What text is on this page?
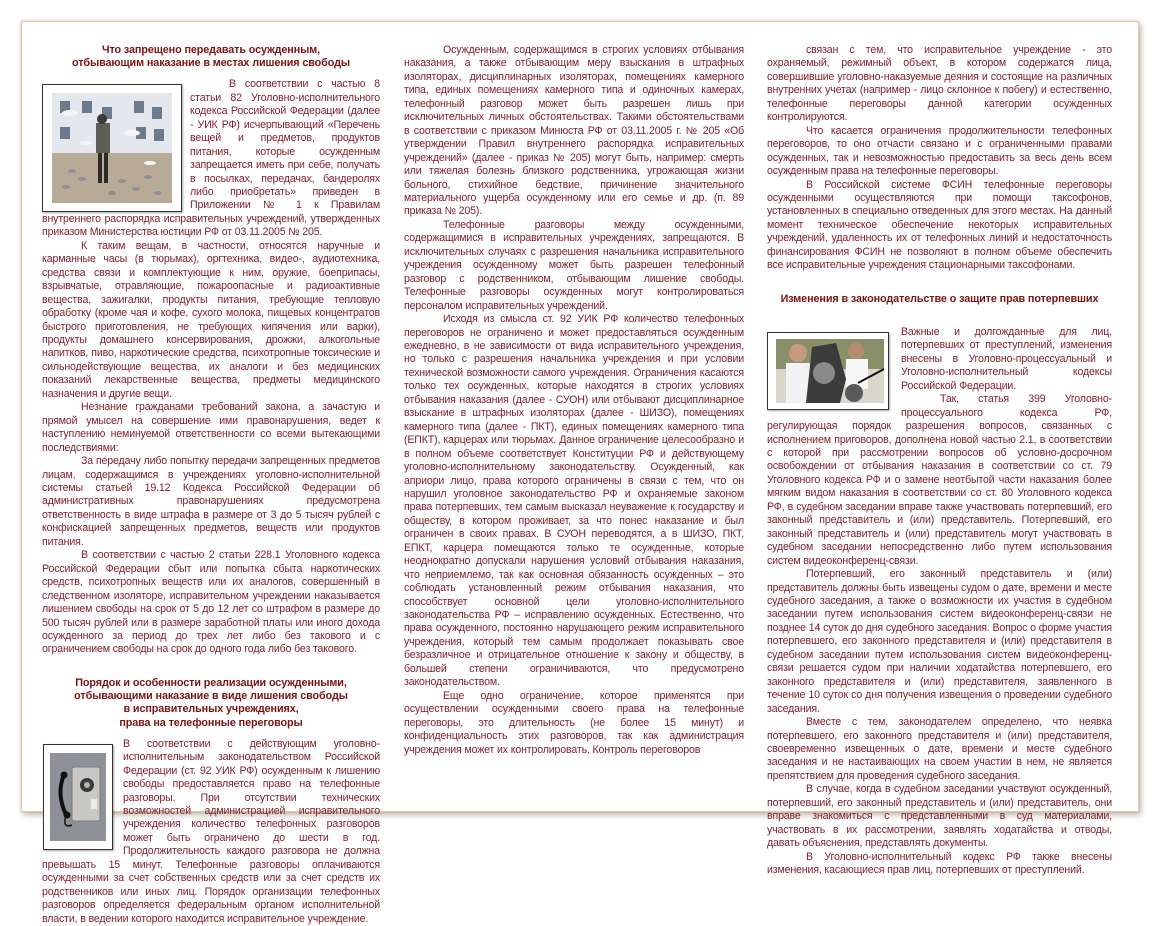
Что запрещено передавать осужденным,
отбывающим наказание в местах лишения свободы

В соответствии с частью 8 статьи 82 Уголовно-исполнительного кодекса Российской Федерации (далее - УИК РФ) исчерпывающий «Перечень вещей и предметов, продуктов питания, которые осужденным запрещается иметь при себе, получать в посылках, передачах, бандеролях либо приобретать» приведен в Приложении № 1 к Правилам внутреннего распорядка исправительных учреждений, утвержденных приказом Министерства юстиции РФ от 03.11.2005 № 205.

К таким вещам, в частности, относятся наручные и карманные часы (в тюрьмах), оргтехника, видео-, аудиотехника, средства связи и комплектующие к ним, оружие, боеприпасы, взрывчатые, отравляющие, пожароопасные и радиоактивные вещества, зажигалки, продукты питания, требующие тепловую обработку (кроме чая и кофе, сухого молока, пищевых концентратов быстрого приготовления, не требующих кипячения или варки), продукты домашнего консервирования, дрожжи, алкогольные напитков, пиво, наркотические средства, психотропные токсические и сильнодействующие вещества, их аналоги и без медицинских показаний лекарственные вещества, предметы медицинского назначения и другие вещи.

Незнание гражданами требований закона, а зачастую и прямой умысел на совершение ими правонарушения, ведет к наступлению неминуемой ответственности со всеми вытекающими последствиями:

За передачу либо попытку передачи запрещенных предметов лицам, содержащимся в учреждениях уголовно-исполнительной системы статьей 19.12 Кодекса Российской Федерации об административных правонарушениях предусмотрена ответственность в виде штрафа в размере от 3 до 5 тысяч рублей с конфискацией запрещенных предметов, веществ или продуктов питания.

В соответствии с частью 2 статьи 228.1 Уголовного кодекса Российской Федерации сбыт или попытка сбыта наркотических средств, психотропных веществ или их аналогов, совершенный в следственном изоляторе, исправительном учреждении наказывается лишением свободы на срок от 5 до 12 лет со штрафом в размере до 500 тысяч рублей или в размере заработной платы или иного дохода осужденного за период до трех лет либо без такового и с ограничением свободы на срок до одного года либо без такового.

Порядок и особенности реализации осужденными,
отбывающими наказание в виде лишения свободы
в исправительных учреждениях,
права на телефонные переговоры

В соответствии с действующим уголовно-исполнительным законодательством Российской Федерации (ст. 92 УИК РФ) осужденным к лишению свободы предоставляется право на телефонные разговоры. При отсутствии технических возможностей администрацией исправительного учреждения количество телефонных разговоров может быть ограничено до шести в год. Продолжительность каждого разговора не должна превышать 15 минут. Телефонные разговоры оплачиваются осужденными за счет собственных средств или за счет средств их родственников или иных лиц. Порядок организации телефонных разговоров определяется федеральным органом исполнительной власти, в ведении которого находится исправительное учреждение.

Осужденным, содержащимся в строгих условиях отбывания наказания, а также отбывающим меру взыскания в штрафных изоляторах, дисциплинарных изоляторах, помещениях камерного типа, единых помещениях камерного типа и одиночных камерах, телефонный разговор может быть разрешен лишь при исключительных личных обстоятельствах. Такими обстоятельствами в соответствии с приказом Минюста РФ от 03.11.2005 г. № 205 «Об утверждении Правил внутреннего распорядка исправительных учреждений» (далее - приказ № 205) могут быть, например: смерть или тяжелая болезнь близкого родственника, угрожающая жизни больного, стихийное бедствие, причинение значительного материального ущерба осужденному или его семье и др. (п. 89 приказа № 205).

Телефонные разговоры между осужденными, содержащимися в исправительных учреждениях, запрещаются. В исключительных случаях с разрешения начальника исправительного учреждения осужденному может быть разрешен телефонный разговор с родственником, отбывающим лишение свободы. Телефонные разговоры осужденных могут контролироваться персоналом исправительных учреждений.

Исходя из смысла ст. 92 УИК РФ количество телефонных переговоров не ограничено и может предоставляться осужденным ежедневно, в не зависимости от вида исправительного учреждения, но только с разрешения начальника учреждения и при условии технической возможности самого учреждения. Ограничения касаются только тех осужденных, которые находятся в строгих условиях отбывания наказания (далее - СУОН) или отбывают дисциплинарное взыскание в штрафных изоляторах (далее - ШИЗО), помещениях камерного типа (далее - ПКТ), единых помещениях камерного типа (ЕПКТ), карцерах или тюрьмах. Данное ограничение целесообразно и в полном объеме соответствует Конституции РФ и действующему уголовно-исполнительному законодательству. Осужденный, как априори лицо, права которого ограничены в связи с тем, что он нарушил уголовное законодательство РФ и охраняемые законом права потерпевших, тем самым высказал неуважение к государству и обществу, в котором проживает, за что понес наказание и был ограничен в своих правах. В СУОН переводятся, а в ШИЗО, ПКТ, ЕПКТ, карцера помещаются только те осужденные, которые неоднократно допускали нарушения условий отбывания наказания, что неприемлемо, так как основная обязанность осужденных – это соблюдать установленный режим отбывания наказания, что способствует основной цели уголовно-исполнительного законодательства РФ – исправлению осужденных. Естественно, что права осужденного, постоянно нарушающего режим исправительного учреждения, который тем самым продолжает показывать свое безразличное и отрицательное отношение к закону и обществу, в большей степени ограничиваются, что предусмотрено законодательством.

Еще одно ограничение, которое применятся при осуществлении осужденными своего права на телефонные переговоры, это длительность (не более 15 минут) и конфиденциальность этих разговоров, так как администрация учреждения может их контролировать. Контроль переговоров

связан с тем, что исправительное учреждение - это охраняемый, режимный объект, в котором содержатся лица, совершившие уголовно-наказуемые деяния и состоящие на различных внутренних учетах (например - лицо склонное к побегу) и естественно, телефонные переговоры данной категории осужденных контролируются.

Что касается ограничения продолжительности телефонных переговоров, то оно отчасти связано и с ограниченными правами осужденных, так и невозможностью предоставить за весь день всем осужденным права на телефонные переговоры.

В Российской системе ФСИН телефонные переговоры осужденными осуществляются при помощи таксофонов, установленных в специально отведенных для этого местах. На данный момент техническое обеспечение некоторых исправительных учреждений, удаленность их от телефонных линий и недостаточность финансирования ФСИН не позволяют в полном объеме обеспечить все исправительные учреждения стационарными таксофонами.

Изменения в законодательстве о защите прав потерпевших

Важные и долгожданные для лиц, потерпевших от преступлений, изменения внесены в Уголовно-процессуальный и Уголовно-исполнительный кодексы Российской Федерации.

Так, статья 399 Уголовно-процессуального кодекса РФ, регулирующая порядок разрешения вопросов, связанных с исполнением приговоров, дополнена новой частью 2.1, в соответствии с которой при рассмотрении вопросов об условно-досрочном освобождении от отбывания наказания в соответствии со ст. 79 Уголовного кодекса РФ и о замене неотбытой части наказания более мягким видом наказания в соответствии со ст. 80 Уголовного кодекса РФ, в судебном заседании вправе также участвовать потерпевший, его законный представитель и (или) представитель. Потерпевший, его законный представитель и (или) представитель могут участвовать в судебном заседании непосредственно либо путем использования систем видеоконференц-связи.

Потерпевший, его законный представитель и (или) представитель должны быть извещены судом о дате, времени и месте судебного заседания, а также о возможности их участия в судебном заседании путем использования систем видеоконференц-связи не позднее 14 суток до дня судебного заседания. Вопрос о форме участия потерпевшего, его законного представителя и (или) представителя в судебном заседании путем использования систем видеоконференц-связи решается судом при наличии ходатайства потерпевшего, его законного представителя и (или) представителя, заявленного в течение 10 суток со дня получения извещения о проведении судебного заседания.

Вместе с тем, законодателем определено, что неявка потерпевшего, его законного представителя и (или) представителя, своевременно извещенных о дате, времени и месте судебного заседания и не настаивающих на своем участии в нем, не является препятствием для проведения судебного заседания.

В случае, когда в судебном заседании участвуют осужденный, потерпевший, его законный представитель и (или) представитель, они вправе знакомиться с представленными в суд материалами, участвовать в их рассмотрении, заявлять ходатайства и отводы, давать объяснения, представлять документы.

В Уголовно-исполнительный кодекс РФ также внесены изменения, касающиеся прав лиц, потерпевших от преступлений.
